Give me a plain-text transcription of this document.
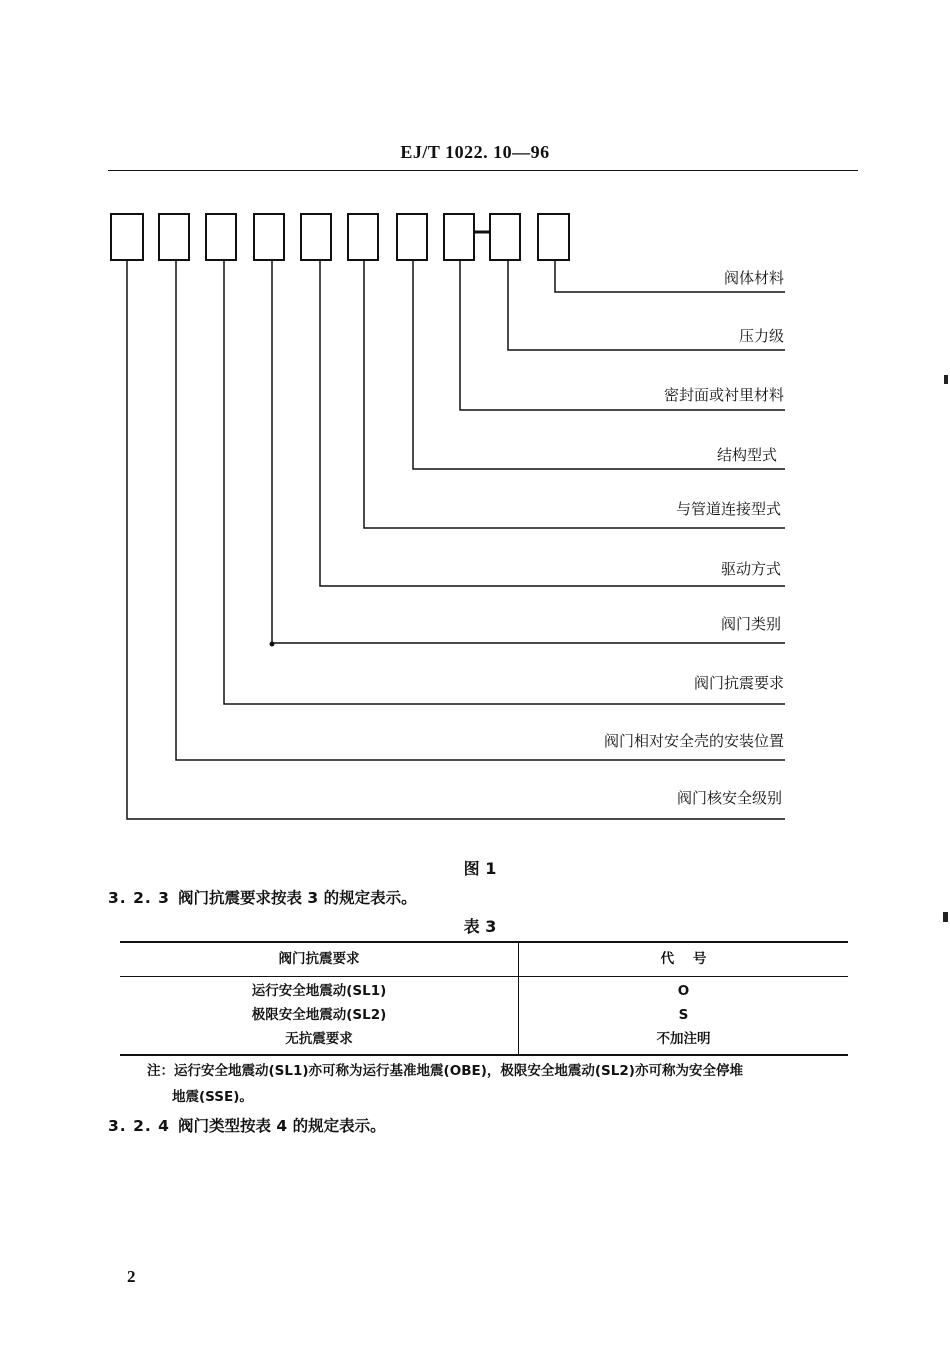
EJ/T 1022. 10—96
阀体材料
压力级
密封面或衬里材料
结构型式
与管道连接型式
驱动方式
阀门类别
阀门抗震要求
阀门相对安全壳的安装位置
阀门核安全级别
图 1
3. 2. 3 阀门抗震要求按表 3 的规定表示。
表 3
阀门抗震要求	代    号
运行安全地震动(SL1)
极限安全地震动(SL2)
无抗震要求
O
S
不加注明
注：运行安全地震动(SL1)亦可称为运行基准地震(OBE)，极限安全地震动(SL2)亦可称为安全停堆
地震(SSE)。
3. 2. 4 阀门类型按表 4 的规定表示。
2
